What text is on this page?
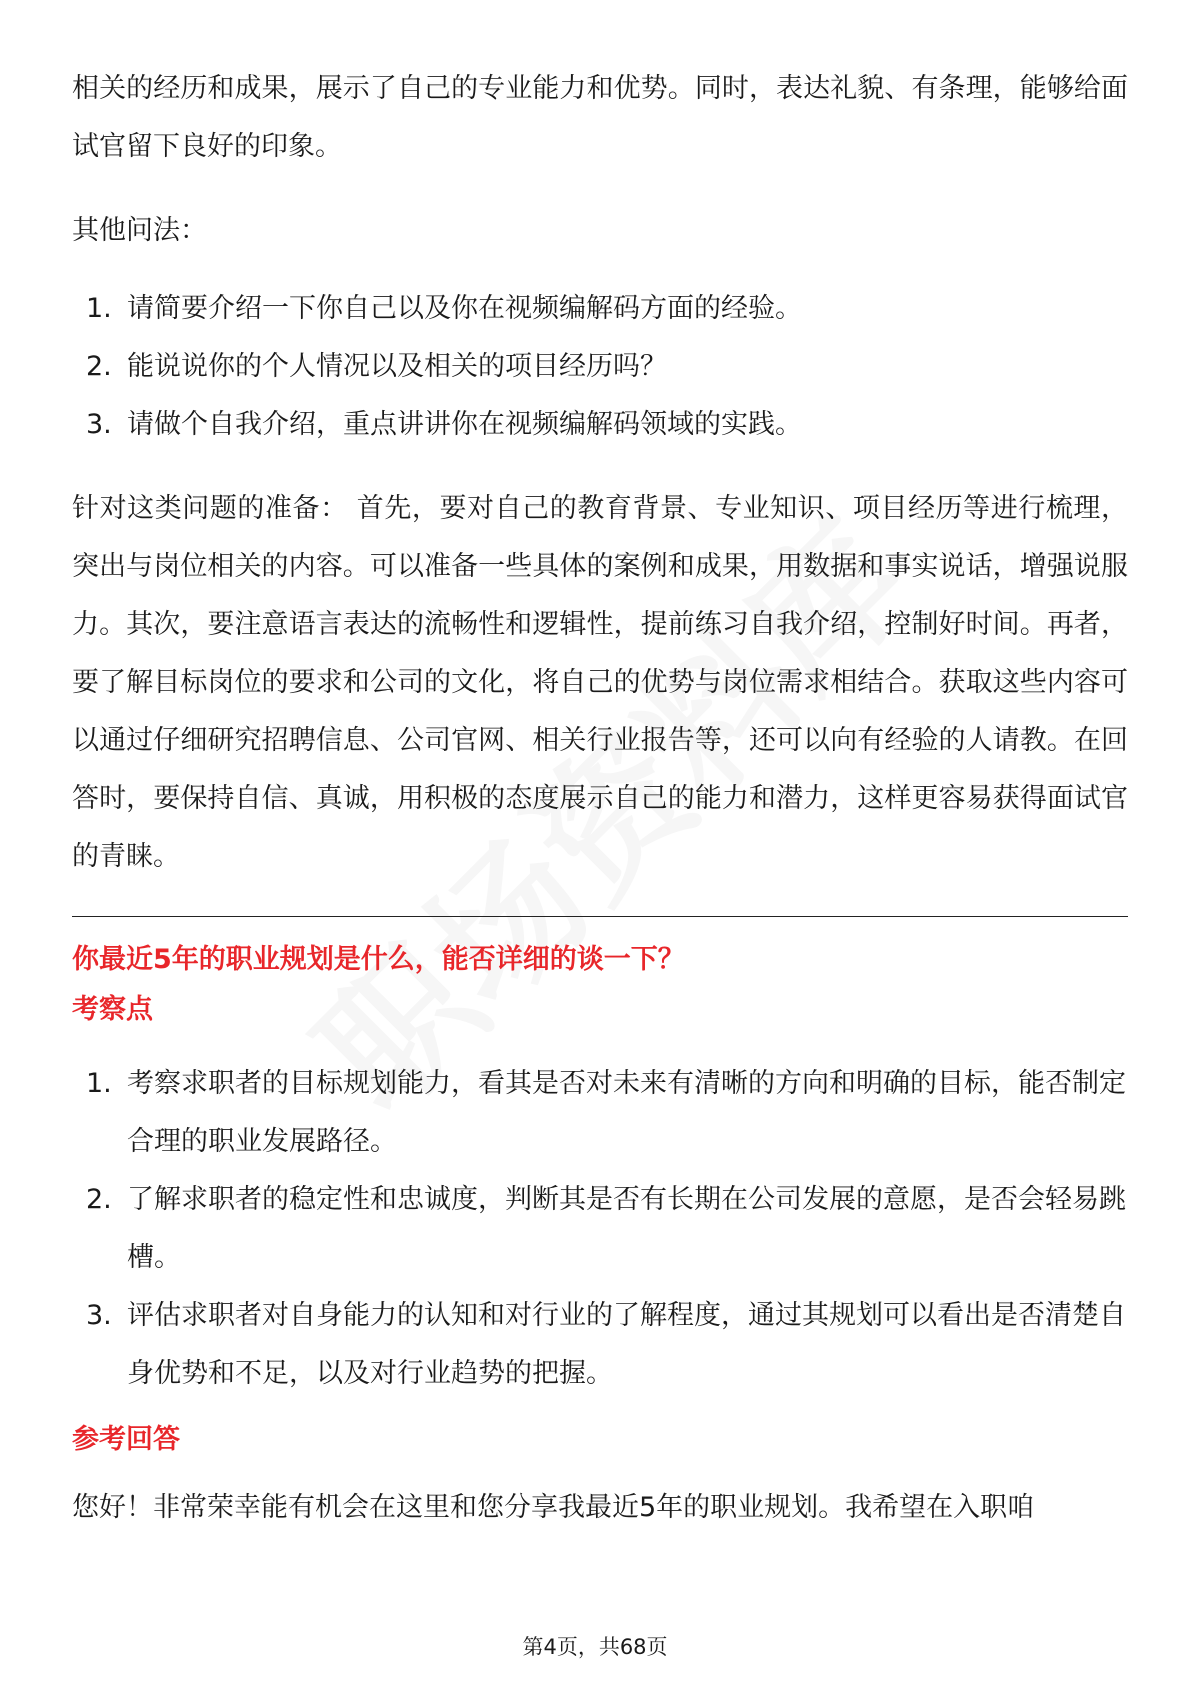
相关的经历和成果，展示了自己的专业能力和优势。同时，表达礼貌、有条理，能够给面试官留下良好的印象。

其他问法：

1. 请简要介绍一下你自己以及你在视频编解码方面的经验。
2. 能说说你的个人情况以及相关的项目经历吗？
3. 请做个自我介绍，重点讲讲你在视频编解码领域的实践。

针对这类问题的准备： 首先，要对自己的教育背景、专业知识、项目经历等进行梳理，突出与岗位相关的内容。可以准备一些具体的案例和成果，用数据和事实说话，增强说服力。其次，要注意语言表达的流畅性和逻辑性，提前练习自我介绍，控制好时间。再者，要了解目标岗位的要求和公司的文化，将自己的优势与岗位需求相结合。获取这些内容可以通过仔细研究招聘信息、公司官网、相关行业报告等，还可以向有经验的人请教。在回答时，要保持自信、真诚，用积极的态度展示自己的能力和潜力，这样更容易获得面试官的青睐。

你最近5年的职业规划是什么，能否详细的谈一下？
考察点
1. 考察求职者的目标规划能力，看其是否对未来有清晰的方向和明确的目标，能否制定合理的职业发展路径。
2. 了解求职者的稳定性和忠诚度，判断其是否有长期在公司发展的意愿，是否会轻易跳槽。
3. 评估求职者对自身能力的认知和对行业的了解程度，通过其规划可以看出是否清楚自身优势和不足，以及对行业趋势的把握。
参考回答

您好！非常荣幸能有机会在这里和您分享我最近5年的职业规划。我希望在入职咱

第4页，共68页
